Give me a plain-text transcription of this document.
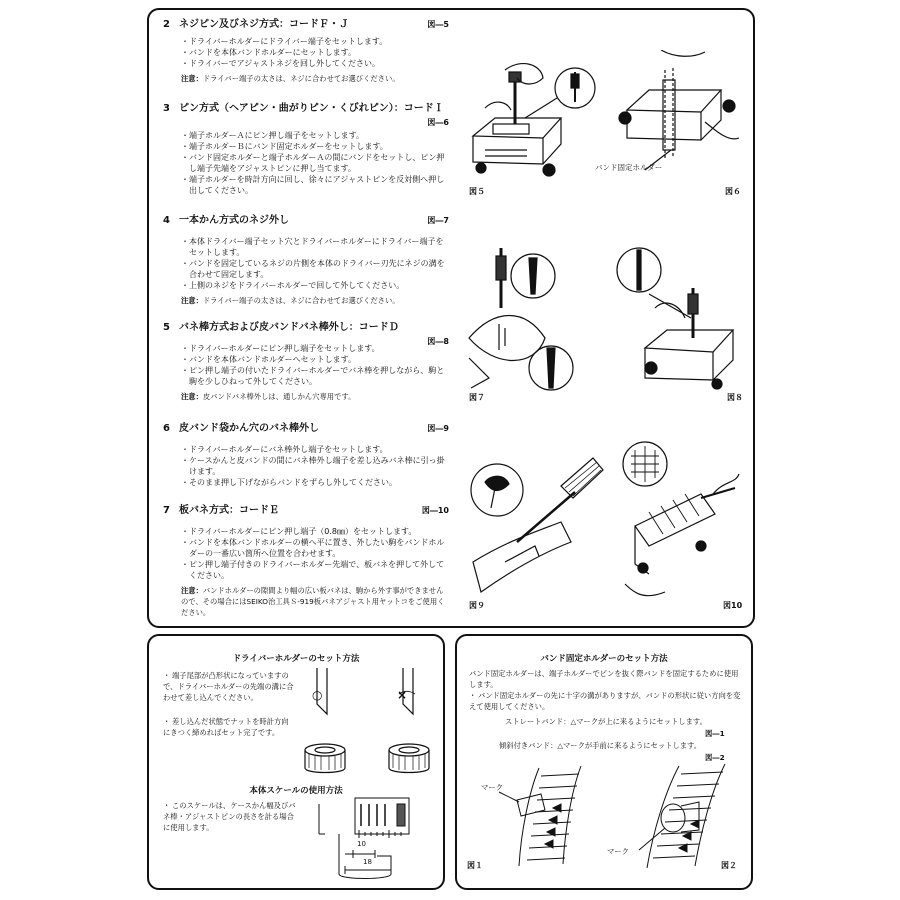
2 ネジピン及びネジ方式：コードＦ・Ｊ	図―5
・ ドライバーホルダーにドライバー端子をセットします。
・ バンドを本体バンドホルダーにセットします。
・ ドライバーでアジャストネジを回し外してください。
注意：ドライバー端子の太さは、ネジに合わせてお選びください。
3 ピン方式（ヘアピン・曲がりピン・くびれピン）：コードＩ
図―6
・ 端子ホルダーＡにピン押し端子をセットします。
・ 端子ホルダーＢにバンド固定ホルダーをセットします。
・ バンド固定ホルダーと端子ホルダーＡの間にバンドをセットし、ピン押し端子先端をアジャストピンに押し当てます。
・ 端子ホルダーを時計方向に回し、徐々にアジャストピンを反対側へ押し出してください。
4 一本かん方式のネジ外し	図―7
・ 本体ドライバー端子セット穴とドライバーホルダーにドライバー端子をセットします。
・ バンドを固定しているネジの片側を本体のドライバー刃先にネジの溝を合わせて固定します。
・ 上側のネジをドライバーホルダーで回して外してください。
注意：ドライバー端子の太さは、ネジに合わせてお選びください。
5 バネ棒方式および皮バンドバネ棒外し：コードＤ
図―8
・ ドライバーホルダーにピン押し端子をセットします。
・ バンドを本体バンドホルダーへセットします。
・ ピン押し端子の付いたドライバーホルダーでバネ棒を押しながら、駒と駒を少しひねって外してください。
注意：皮バンドバネ棒外しは、通しかん穴専用です。
6 皮バンド袋かん穴のバネ棒外し	図―9
・ ドライバーホルダーにバネ棒外し端子をセットします。
・ ケースかんと皮バンドの間にバネ棒外し端子を差し込みバネ棒に引っ掛けます。
・ そのまま押し下げながらバンドをずらし外してください。
7 板バネ方式：コードＥ	図―10
・ ドライバーホルダーにピン押し端子（0.8㎜）をセットします。
・ バンドを本体バンドホルダーの横へ平に置き、外したい駒をバンドホルダーの一番広い箇所へ位置を合わせます。
・ ピン押し端子付きのドライバーホルダー先端で、板バネを押して外してください。
注意：バンドホルダーの隙間より幅の広い板バネは、駒から外す事ができませんので、その場合にはSEIKO治工具Ｓ-919板バネアジャスト用ヤットコをご使用ください。
図５
バンド固定ホルダー
図６
図７	図８
図９	図10
ドライバーホルダーのセット方法
・ 端子尾部が凸形状になっていますので、ドライバーホルダーの先端の溝に合わせて差し込んでください。
・ 差し込んだ状態でナットを時計方向にきつく締めればセット完了です。
○	×
本体スケールの使用方法
・ このスケールは、ケースかん幅及びバネ棒・アジャストピンの長さを計る場合に使用します。
10
18
バンド固定ホルダーのセット方法
バンド固定ホルダーは、端子ホルダーでピンを抜く際バンドを固定するために使用します。
・ バンド固定ホルダーの先に十字の溝がありますが、バンドの形状に従い方向を変えて使用してください。
ストレートバンド：△マークが上に来るようにセットします。
図―1
傾斜付きバンド：△マークが手前に来るようにセットします。
図―2
マーク
マーク
図１	図２
